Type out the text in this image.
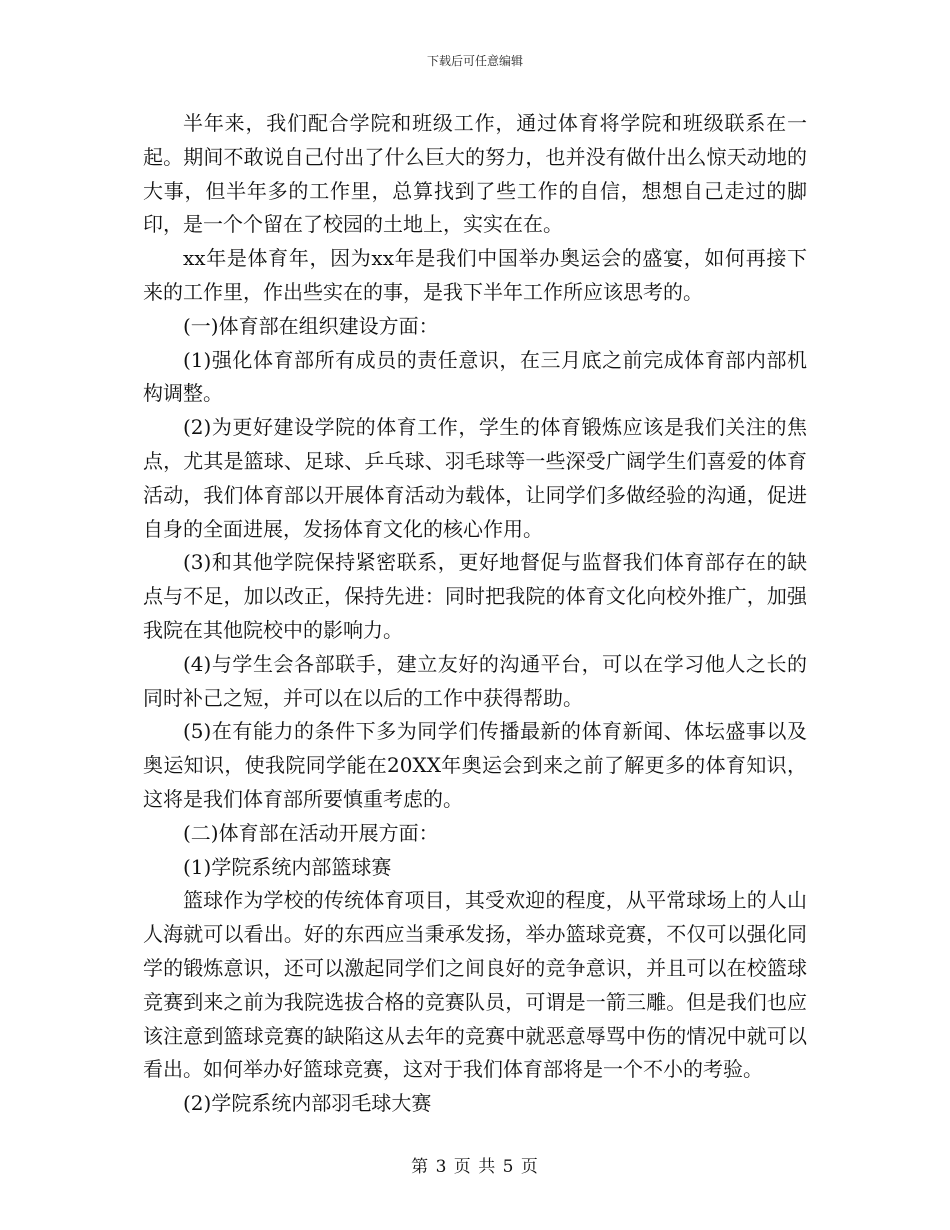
下载后可任意编辑

半年来，我们配合学院和班级工作，通过体育将学院和班级联系在一起。期间不敢说自己付出了什么巨大的努力，也并没有做什出么惊天动地的大事，但半年多的工作里，总算找到了些工作的自信，想想自己走过的脚印，是一个个留在了校园的土地上，实实在在。

xx年是体育年，因为xx年是我们中国举办奥运会的盛宴，如何再接下来的工作里，作出些实在的事，是我下半年工作所应该思考的。

(一)体育部在组织建设方面：

(1)强化体育部所有成员的责任意识，在三月底之前完成体育部内部机构调整。

(2)为更好建设学院的体育工作，学生的体育锻炼应该是我们关注的焦点，尤其是篮球、足球、乒乓球、羽毛球等一些深受广阔学生们喜爱的体育活动，我们体育部以开展体育活动为载体，让同学们多做经验的沟通，促进自身的全面进展，发扬体育文化的核心作用。

(3)和其他学院保持紧密联系，更好地督促与监督我们体育部存在的缺点与不足，加以改正，保持先进：同时把我院的体育文化向校外推广，加强我院在其他院校中的影响力。

(4)与学生会各部联手，建立友好的沟通平台，可以在学习他人之长的同时补己之短，并可以在以后的工作中获得帮助。

(5)在有能力的条件下多为同学们传播最新的体育新闻、体坛盛事以及奥运知识，使我院同学能在20XX年奥运会到来之前了解更多的体育知识，这将是我们体育部所要慎重考虑的。

(二)体育部在活动开展方面：

(1)学院系统内部篮球赛

篮球作为学校的传统体育项目，其受欢迎的程度，从平常球场上的人山人海就可以看出。好的东西应当秉承发扬，举办篮球竞赛，不仅可以强化同学的锻炼意识，还可以激起同学们之间良好的竞争意识，并且可以在校篮球竞赛到来之前为我院选拔合格的竞赛队员，可谓是一箭三雕。但是我们也应该注意到篮球竞赛的缺陷这从去年的竞赛中就恶意辱骂中伤的情况中就可以看出。如何举办好篮球竞赛，这对于我们体育部将是一个不小的考验。

(2)学院系统内部羽毛球大赛

第 3 页 共 5 页
